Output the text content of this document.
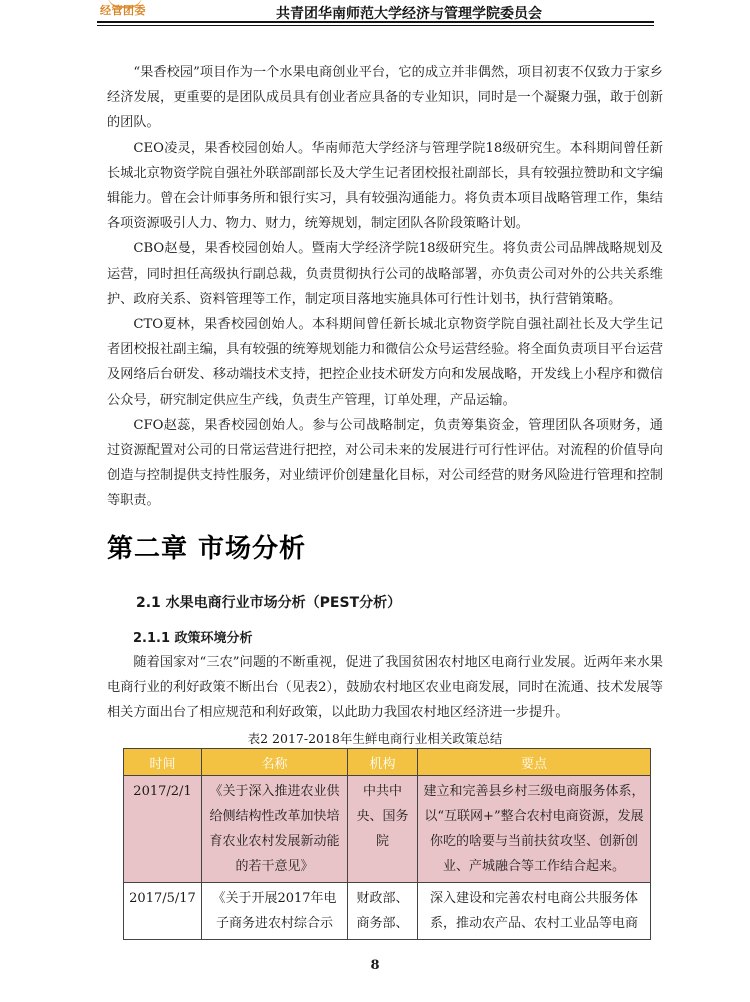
经管团委	共青团华南师范大学经济与管理学院委员会

“果香校园”项目作为一个水果电商创业平台，它的成立并非偶然，项目初衷不仅致力于家乡经济发展，更重要的是团队成员具有创业者应具备的专业知识，同时是一个凝聚力强，敢于创新的团队。

CEO凌灵，果香校园创始人。华南师范大学经济与管理学院18级研究生。本科期间曾任新长城北京物资学院自强社外联部副部长及大学生记者团校报社副部长，具有较强拉赞助和文字编辑能力。曾在会计师事务所和银行实习，具有较强沟通能力。将负责本项目战略管理工作，集结各项资源吸引人力、物力、财力，统筹规划，制定团队各阶段策略计划。

CBO赵曼，果香校园创始人。暨南大学经济学院18级研究生。将负责公司品牌战略规划及运营，同时担任高级执行副总裁，负责贯彻执行公司的战略部署，亦负责公司对外的公共关系维护、政府关系、资料管理等工作，制定项目落地实施具体可行性计划书，执行营销策略。

CTO夏林，果香校园创始人。本科期间曾任新长城北京物资学院自强社副社长及大学生记者团校报社副主编，具有较强的统筹规划能力和微信公众号运营经验。将全面负责项目平台运营及网络后台研发、移动端技术支持，把控企业技术研发方向和发展战略，开发线上小程序和微信公众号，研究制定供应生产线，负责生产管理，订单处理，产品运输。

CFO赵蕊，果香校园创始人。参与公司战略制定，负责筹集资金，管理团队各项财务，通过资源配置对公司的日常运营进行把控，对公司未来的发展进行可行性评估。对流程的价值导向创造与控制提供支持性服务，对业绩评价创建量化目标，对公司经营的财务风险进行管理和控制等职责。

第二章 市场分析
2.1 水果电商行业市场分析（PEST分析）
2.1.1 政策环境分析

随着国家对“三农”问题的不断重视，促进了我国贫困农村地区电商行业发展。近两年来水果电商行业的利好政策不断出台（见表2），鼓励农村地区农业电商发展，同时在流通、技术发展等相关方面出台了相应规范和利好政策，以此助力我国农村地区经济进一步提升。

表2 2017-2018年生鲜电商行业相关政策总结
时间	名称	机构	要点
2017/2/1	《关于深入推进农业供给侧结构性改革加快培育农业农村发展新动能的若干意见》	中共中央、国务院	建立和完善县乡村三级电商服务体系，以“互联网+”整合农村电商资源，发展你吃的啥要与当前扶贫攻坚、创新创业、产城融合等工作结合起来。
2017/5/17	《关于开展2017年电子商务进农村综合示	财政部、商务部、	深入建设和完善农村电商公共服务体系，推动农产品、农村工业品等电商
8
